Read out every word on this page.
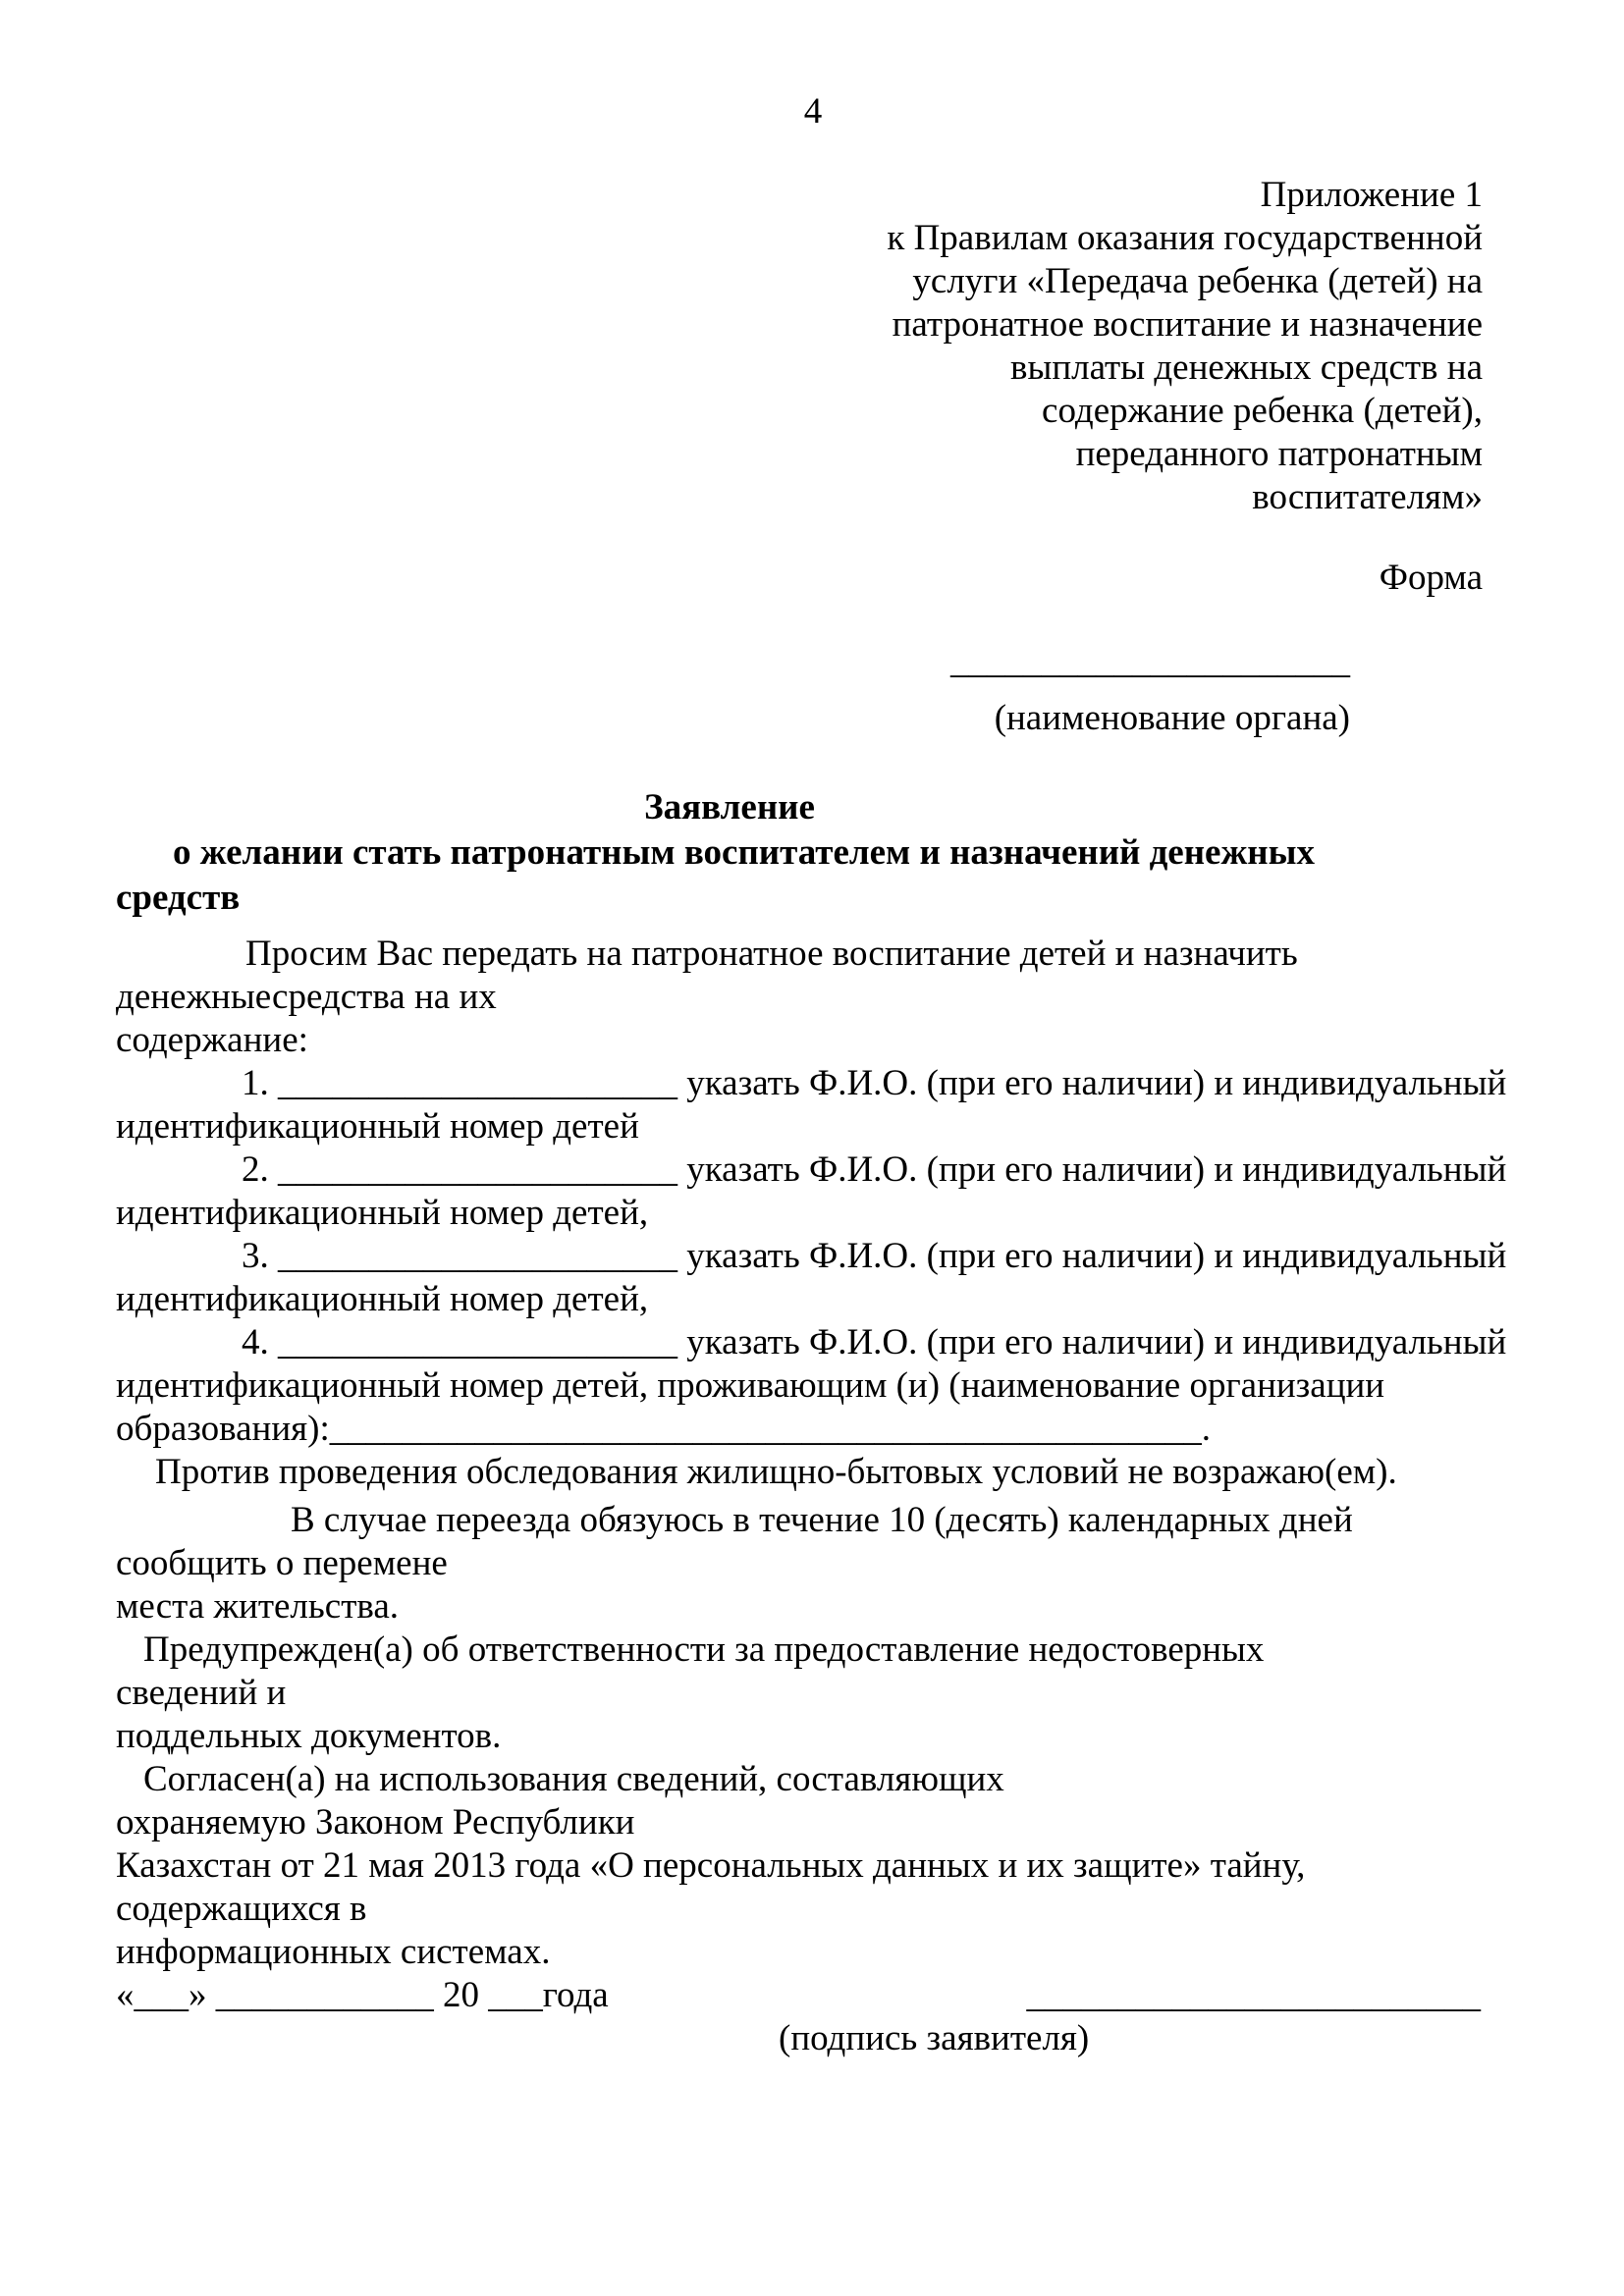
4
Приложение 1
к Правилам оказания государственной
услуги «Передача ребенка (детей) на
патронатное воспитание и назначение
выплаты денежных средств на
содержание ребенка (детей),
переданного патронатным
воспитателям»
Форма
______________________
(наименование органа)
Заявление
о желании стать патронатным воспитателем и назначений денежных
средств
Просим Вас передать на патронатное воспитание детей и назначить
денежныесредства на их
содержание:
1. ______________________ указать Ф.И.О. (при его наличии) и индивидуальный
идентификационный номер детей
2. ______________________ указать Ф.И.О. (при его наличии) и индивидуальный
идентификационный номер детей,
3. ______________________ указать Ф.И.О. (при его наличии) и индивидуальный
идентификационный номер детей,
4. ______________________ указать Ф.И.О. (при его наличии) и индивидуальный
идентификационный номер детей, проживающим (и) (наименование организации
образования):________________________________________________.
Против проведения обследования жилищно-бытовых условий не возражаю(ем).
В случае переезда обязуюсь в течение 10 (десять) календарных дней
сообщить о перемене
места жительства.
Предупрежден(а) об ответственности за предоставление недостоверных
сведений и
поддельных документов.
Согласен(а) на использования сведений, составляющих
охраняемую Законом Республики
Казахстан от 21 мая 2013 года «О персональных данных и их защите» тайну,
содержащихся в
информационных системах.
«___» ____________ 20 ___года	_________________________
(подпись заявителя)
